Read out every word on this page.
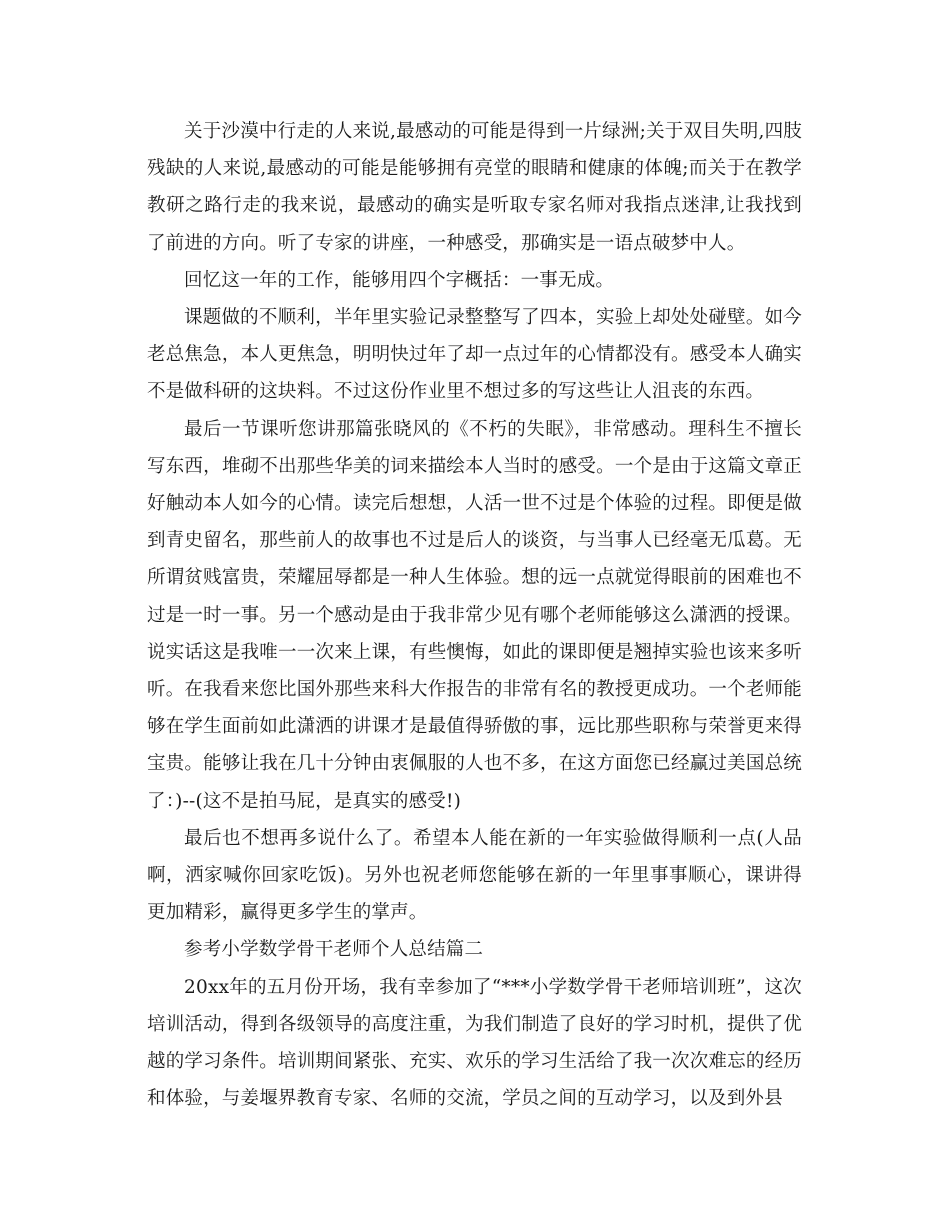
关于沙漠中行走的人来说,最感动的可能是得到一片绿洲;关于双目失明,四肢残缺的人来说,最感动的可能是能够拥有亮堂的眼睛和健康的体魄;而关于在教学教研之路行走的我来说，最感动的确实是听取专家名师对我指点迷津,让我找到了前进的方向。听了专家的讲座，一种感受，那确实是一语点破梦中人。

回忆这一年的工作，能够用四个字概括：一事无成。

课题做的不顺利，半年里实验记录整整写了四本，实验上却处处碰壁。如今老总焦急，本人更焦急，明明快过年了却一点过年的心情都没有。感受本人确实不是做科研的这块料。不过这份作业里不想过多的写这些让人沮丧的东西。

最后一节课听您讲那篇张晓风的《不朽的失眠》，非常感动。理科生不擅长写东西，堆砌不出那些华美的词来描绘本人当时的感受。一个是由于这篇文章正好触动本人如今的心情。读完后想想，人活一世不过是个体验的过程。即便是做到青史留名，那些前人的故事也不过是后人的谈资，与当事人已经毫无瓜葛。无所谓贫贱富贵，荣耀屈辱都是一种人生体验。想的远一点就觉得眼前的困难也不过是一时一事。另一个感动是由于我非常少见有哪个老师能够这么潇洒的授课。说实话这是我唯一一次来上课，有些懊悔，如此的课即便是翘掉实验也该来多听听。在我看来您比国外那些来科大作报告的非常有名的教授更成功。一个老师能够在学生面前如此潇洒的讲课才是最值得骄傲的事，远比那些职称与荣誉更来得宝贵。能够让我在几十分钟由衷佩服的人也不多，在这方面您已经赢过美国总统了：)--(这不是拍马屁，是真实的感受!)

最后也不想再多说什么了。希望本人能在新的一年实验做得顺利一点(人品啊，洒家喊你回家吃饭)。另外也祝老师您能够在新的一年里事事顺心，课讲得更加精彩，赢得更多学生的掌声。

参考小学数学骨干老师个人总结篇二

20xx年的五月份开场，我有幸参加了“***小学数学骨干老师培训班”，这次培训活动，得到各级领导的高度注重，为我们制造了良好的学习时机，提供了优越的学习条件。培训期间紧张、充实、欢乐的学习生活给了我一次次难忘的经历和体验，与姜堰界教育专家、名师的交流，学员之间的互动学习，以及到外县
